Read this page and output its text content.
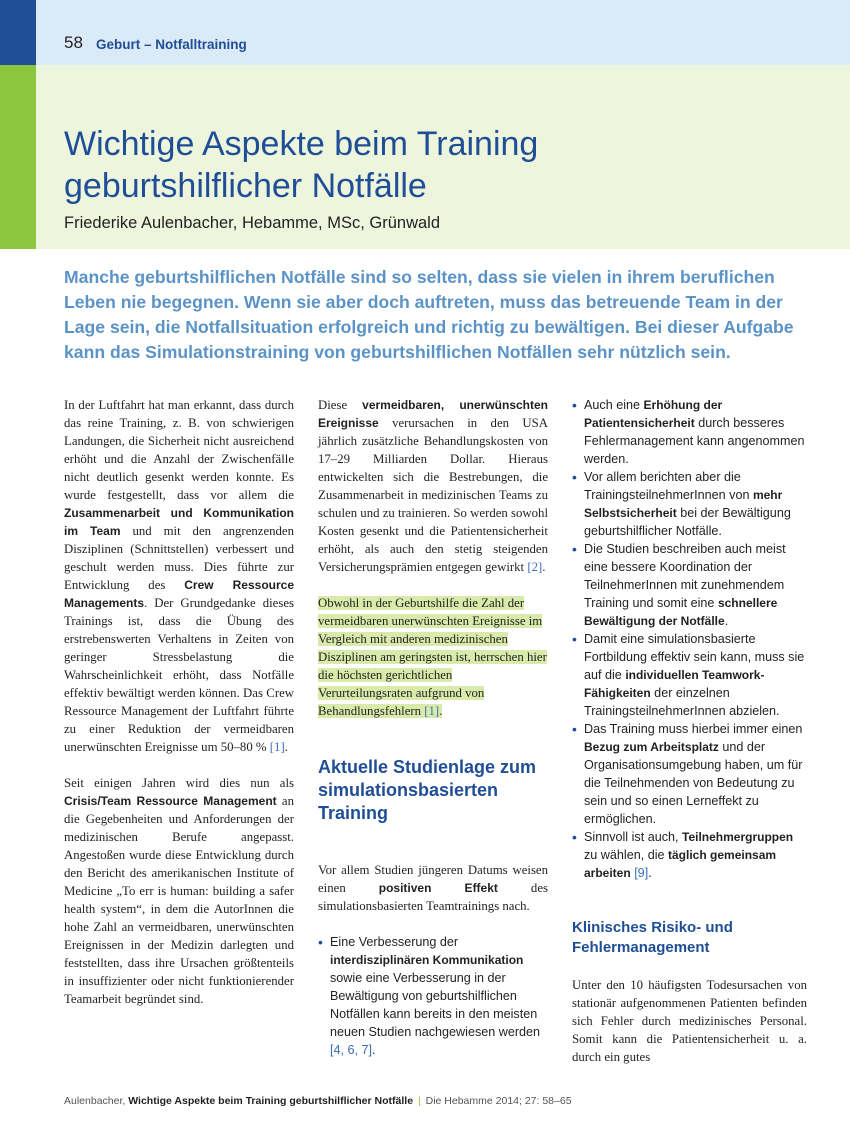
58 Geburt – Notfalltraining
Wichtige Aspekte beim Training
geburtshilflicher Notfälle
Friederike Aulenbacher, Hebamme, MSc, Grünwald
Manche geburtshilflichen Notfälle sind so selten, dass sie vielen in ihrem beruflichen Leben nie begegnen. Wenn sie aber doch auftreten, muss das betreuende Team in der Lage sein, die Notfallsituation erfolgreich und richtig zu bewältigen. Bei dieser Aufgabe kann das Simulationstraining von geburtshilflichen Notfällen sehr nützlich sein.

In der Luftfahrt hat man erkannt, dass durch das reine Training, z. B. von schwierigen Landungen, die Sicherheit nicht ausreichend erhöht und die Anzahl der Zwischenfälle nicht deutlich gesenkt werden konnte. Es wurde festgestellt, dass vor allem die Zusammenarbeit und Kommunikation im Team und mit den angrenzenden Disziplinen (Schnittstellen) verbessert und geschult werden muss. Dies führte zur Entwicklung des Crew Ressource Managements. Der Grundgedanke dieses Trainings ist, dass die Übung des erstrebenswerten Verhaltens in Zeiten von geringer Stressbelastung die Wahrscheinlichkeit erhöht, dass Notfälle effektiv bewältigt werden können. Das Crew Ressource Management der Luftfahrt führte zu einer Reduktion der vermeidbaren unerwünschten Ereignisse um 50–80 % [1].

Seit einigen Jahren wird dies nun als Crisis/Team Ressource Management an die Gegebenheiten und Anforderungen der medizinischen Berufe angepasst. Angestoßen wurde diese Entwicklung durch den Bericht des amerikanischen Institute of Medicine „To err is human: building a safer health system“, in dem die AutorInnen die hohe Zahl an vermeidbaren, unerwünschten Ereignissen in der Medizin darlegten und feststellten, dass ihre Ursachen größtenteils in insuffizienter oder nicht funktionierender Teamarbeit begründet sind.

Diese vermeidbaren, unerwünschten Ereignisse verursachen in den USA jährlich zusätzliche Behandlungskosten von 17–29 Milliarden Dollar. Hieraus entwickelten sich die Bestrebungen, die Zusammenarbeit in medizinischen Teams zu schulen und zu trainieren. So werden sowohl Kosten gesenkt und die Patientensicherheit erhöht, als auch den stetig steigenden Versicherungsprämien entgegen gewirkt [2].

Obwohl in der Geburtshilfe die Zahl der vermeidbaren unerwünschten Ereignisse im Vergleich mit anderen medizinischen Disziplinen am geringsten ist, herrschen hier die höchsten gerichtlichen Verurteilungsraten aufgrund von Behandlungsfehlern [1].

Aktuelle Studienlage zum simulationsbasierten Training

Vor allem Studien jüngeren Datums weisen einen positiven Effekt des simulationsbasierten Teamtrainings nach.

• Eine Verbesserung der interdisziplinären Kommunikation sowie eine Verbesserung in der Bewältigung von geburtshilflichen Notfällen kann bereits in den meisten neuen Studien nachgewiesen werden [4, 6, 7].
• Auch eine Erhöhung der Patientensicherheit durch besseres Fehlermanagement kann angenommen werden.
• Vor allem berichten aber die TrainingsteilnehmerInnen von mehr Selbstsicherheit bei der Bewältigung geburtshilflicher Notfälle.
• Die Studien beschreiben auch meist eine bessere Koordination der TeilnehmerInnen mit zunehmendem Training und somit eine schnellere Bewältigung der Notfälle.
• Damit eine simulationsbasierte Fortbildung effektiv sein kann, muss sie auf die individuellen Teamwork-Fähigkeiten der einzelnen TrainingsteilnehmerInnen abzielen.
• Das Training muss hierbei immer einen Bezug zum Arbeitsplatz und der Organisationsumgebung haben, um für die Teilnehmenden von Bedeutung zu sein und so einen Lerneffekt zu ermöglichen.
• Sinnvoll ist auch, Teilnehmergruppen zu wählen, die täglich gemeinsam arbeiten [9].
Klinisches Risiko- und Fehlermanagement

Unter den 10 häufigsten Todesursachen von stationär aufgenommenen Patienten befinden sich Fehler durch medizinisches Personal. Somit kann die Patientensicherheit u. a. durch ein gutes

Aulenbacher, Wichtige Aspekte beim Training geburtshilflicher Notfälle | Die Hebamme 2014; 27: 58–65
